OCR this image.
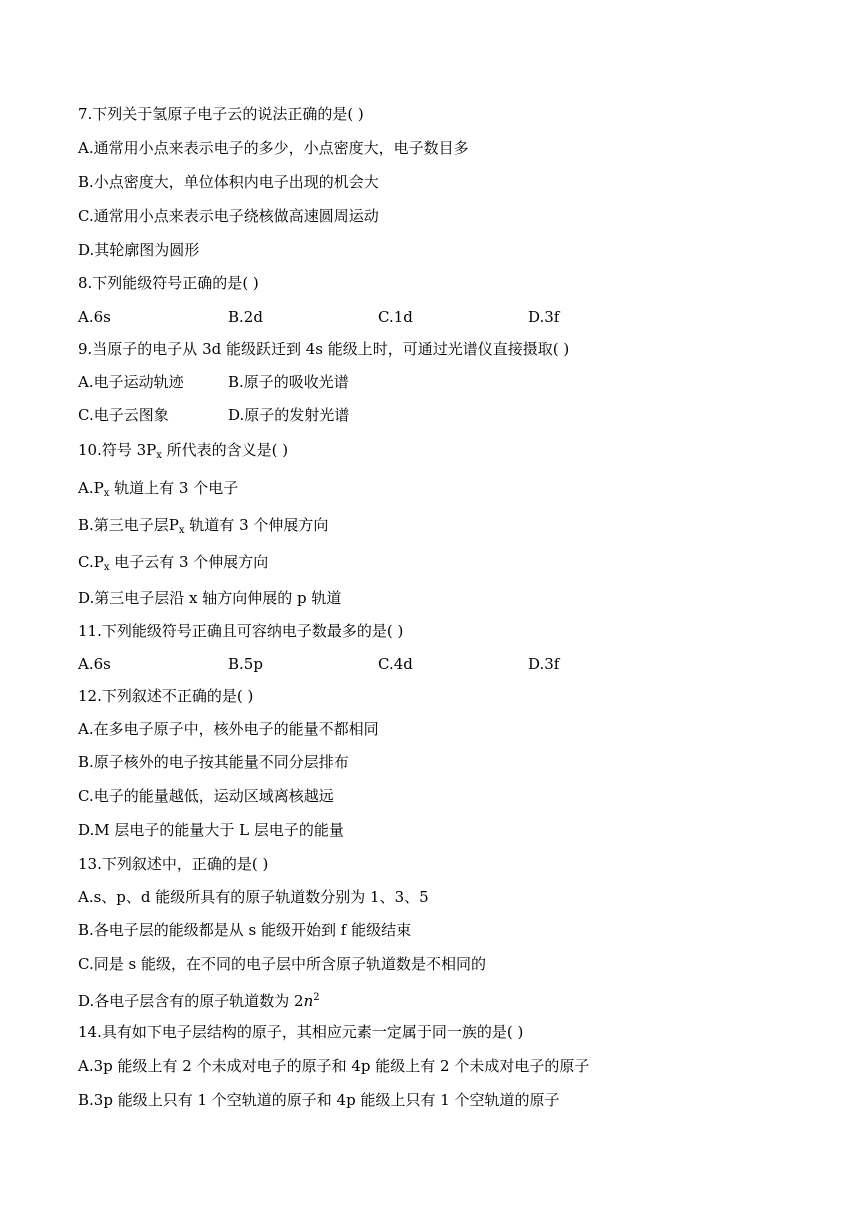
7.下列关于氢原子电子云的说法正确的是( )
A.通常用小点来表示电子的多少，小点密度大，电子数目多
B.小点密度大，单位体积内电子出现的机会大
C.通常用小点来表示电子绕核做高速圆周运动
D.其轮廓图为圆形
8.下列能级符号正确的是( )
A.6s	B.2d	C.1d	D.3f
9.当原子的电子从 3d 能级跃迁到 4s 能级上时，可通过光谱仪直接摄取( )
A.电子运动轨迹	B.原子的吸收光谱
C.电子云图象	D.原子的发射光谱
10.符号 $3P_x$ 所代表的含义是( )
$A.P_x$ 轨道上有 3 个电子
B.第三电子层$P_x$ 轨道有 3 个伸展方向
$C.P_x$ 电子云有 3 个伸展方向
D.第三电子层沿 x 轴方向伸展的 p 轨道
11.下列能级符号正确且可容纳电子数最多的是( )
A.6s	B.5p	C.4d	D.3f
12.下列叙述不正确的是( )
A.在多电子原子中，核外电子的能量不都相同
B.原子核外的电子按其能量不同分层排布
C.电子的能量越低，运动区域离核越远
D.M 层电子的能量大于 L 层电子的能量
13.下列叙述中，正确的是( )
A.s、p、d 能级所具有的原子轨道数分别为 1、3、5
B.各电子层的能级都是从 s 能级开始到 f 能级结束
C.同是 s 能级，在不同的电子层中所含原子轨道数是不相同的
D.各电子层含有的原子轨道数为 $2n^2$
14.具有如下电子层结构的原子，其相应元素一定属于同一族的是( )
A.3p 能级上有 2 个未成对电子的原子和 4p 能级上有 2 个未成对电子的原子
B.3p 能级上只有 1 个空轨道的原子和 4p 能级上只有 1 个空轨道的原子
